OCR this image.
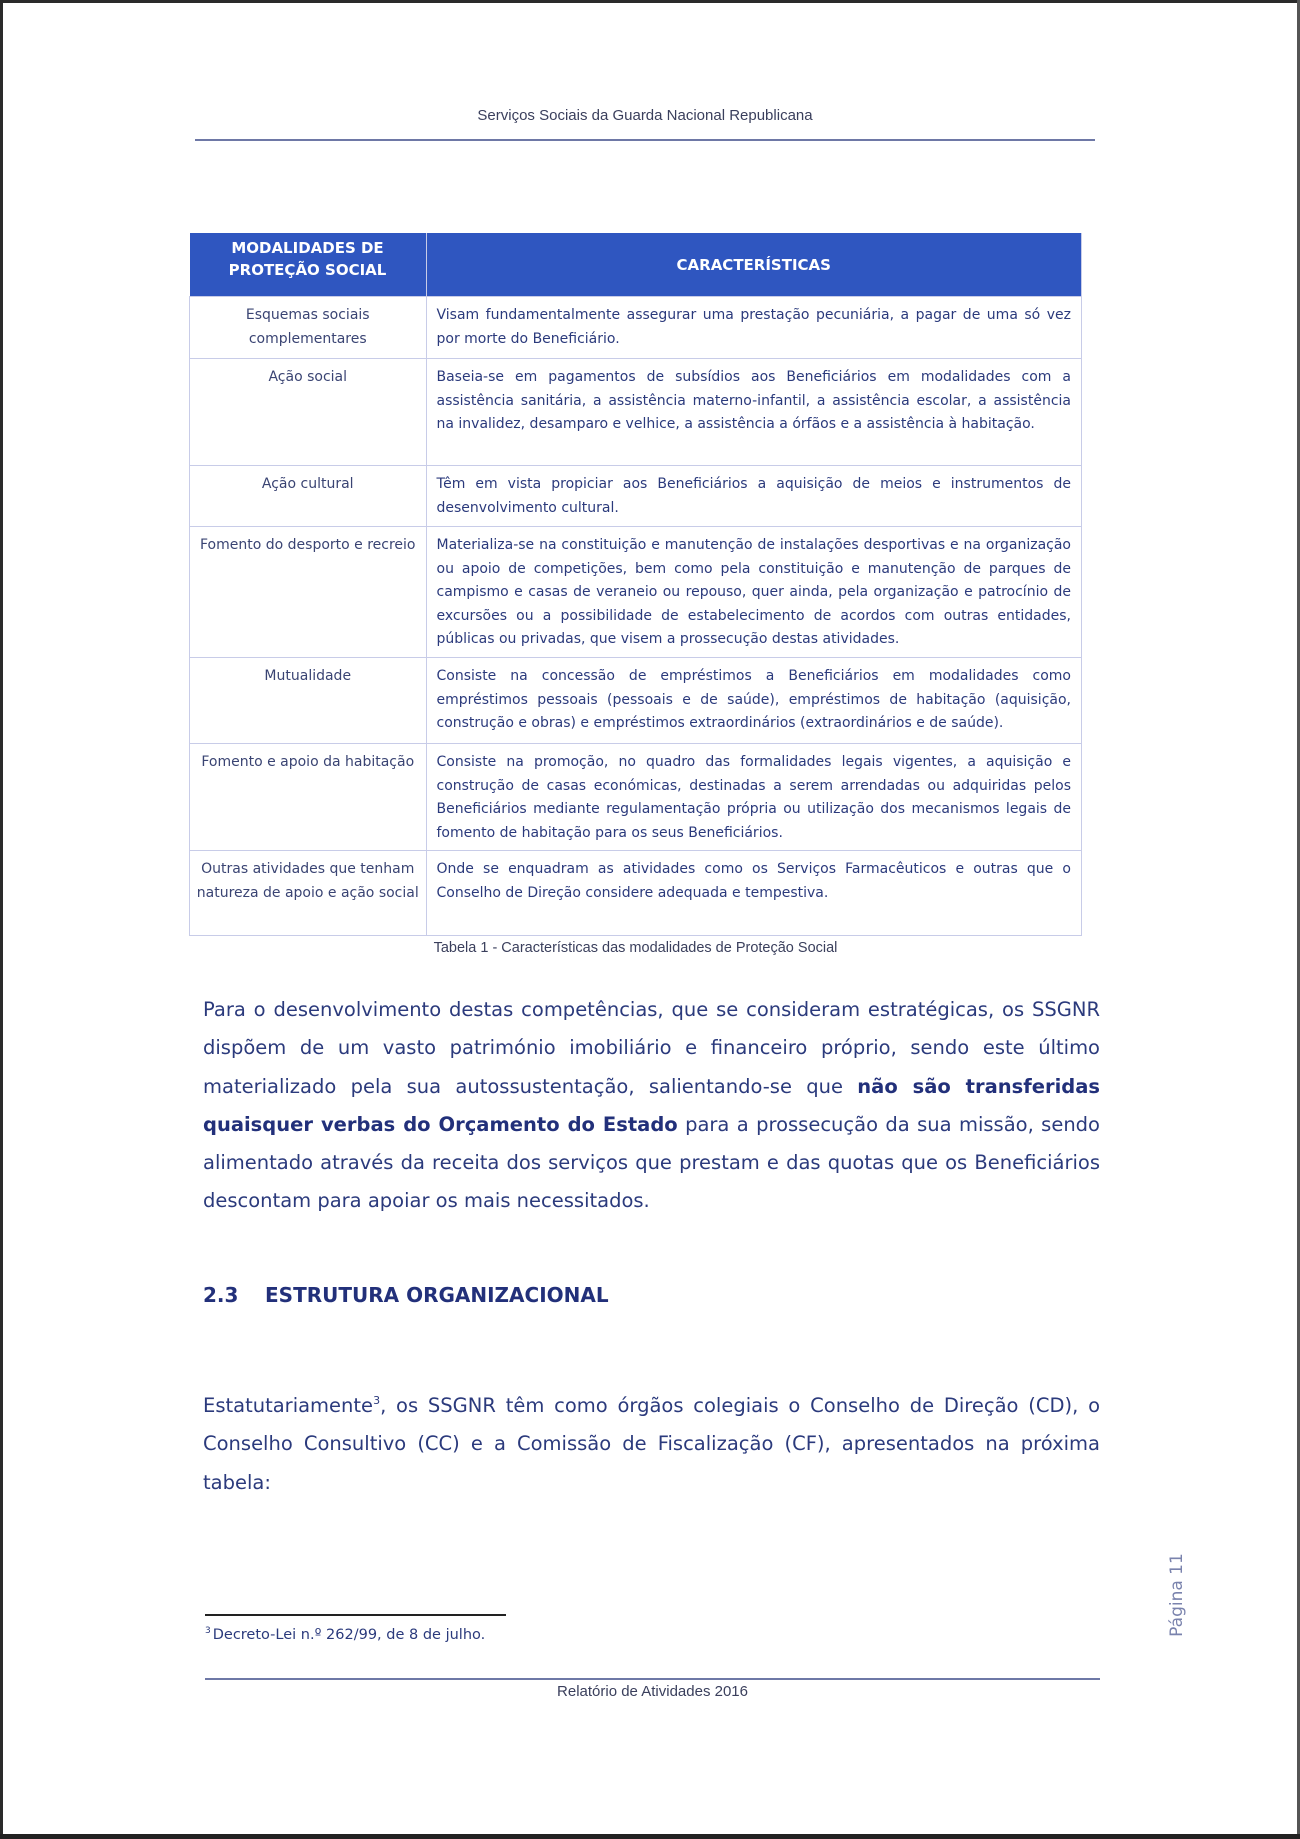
Serviços Sociais da Guarda Nacional Republicana
MODALIDADES DE PROTEÇÃO SOCIAL	CARACTERÍSTICAS
Esquemas sociais complementares	Visam fundamentalmente assegurar uma prestação pecuniária, a pagar de uma só vez por morte do Beneficiário.
Ação social	Baseia-se em pagamentos de subsídios aos Beneficiários em modalidades com a assistência sanitária, a assistência materno-infantil, a assistência escolar, a assistência na invalidez, desamparo e velhice, a assistência a órfãos e a assistência à habitação.
Ação cultural	Têm em vista propiciar aos Beneficiários a aquisição de meios e instrumentos de desenvolvimento cultural.
Fomento do desporto e recreio	Materializa-se na constituição e manutenção de instalações desportivas e na organização ou apoio de competições, bem como pela constituição e manutenção de parques de campismo e casas de veraneio ou repouso, quer ainda, pela organização e patrocínio de excursões ou a possibilidade de estabelecimento de acordos com outras entidades, públicas ou privadas, que visem a prossecução destas atividades.
Mutualidade	Consiste na concessão de empréstimos a Beneficiários em modalidades como empréstimos pessoais (pessoais e de saúde), empréstimos de habitação (aquisição, construção e obras) e empréstimos extraordinários (extraordinários e de saúde).
Fomento e apoio da habitação	Consiste na promoção, no quadro das formalidades legais vigentes, a aquisição e construção de casas económicas, destinadas a serem arrendadas ou adquiridas pelos Beneficiários mediante regulamentação própria ou utilização dos mecanismos legais de fomento de habitação para os seus Beneficiários.
Outras atividades que tenham natureza de apoio e ação social	Onde se enquadram as atividades como os Serviços Farmacêuticos e outras que o Conselho de Direção considere adequada e tempestiva.
Tabela 1 - Características das modalidades de Proteção Social

Para o desenvolvimento destas competências, que se consideram estratégicas, os SSGNR dispõem de um vasto património imobiliário e financeiro próprio, sendo este último materializado pela sua autossustentação, salientando-se que não são transferidas quaisquer verbas do Orçamento do Estado para a prossecução da sua missão, sendo alimentado através da receita dos serviços que prestam e das quotas que os Beneficiários descontam para apoiar os mais necessitados.

2.3 ESTRUTURA ORGANIZACIONAL

Estatutariamente$^3$, os SSGNR têm como órgãos colegiais o Conselho de Direção (CD), o Conselho Consultivo (CC) e a Comissão de Fiscalização (CF), apresentados na próxima tabela:

$^3$ Decreto-Lei n.º 262/99, de 8 de julho.
Relatório de Atividades 2016
Página 11
